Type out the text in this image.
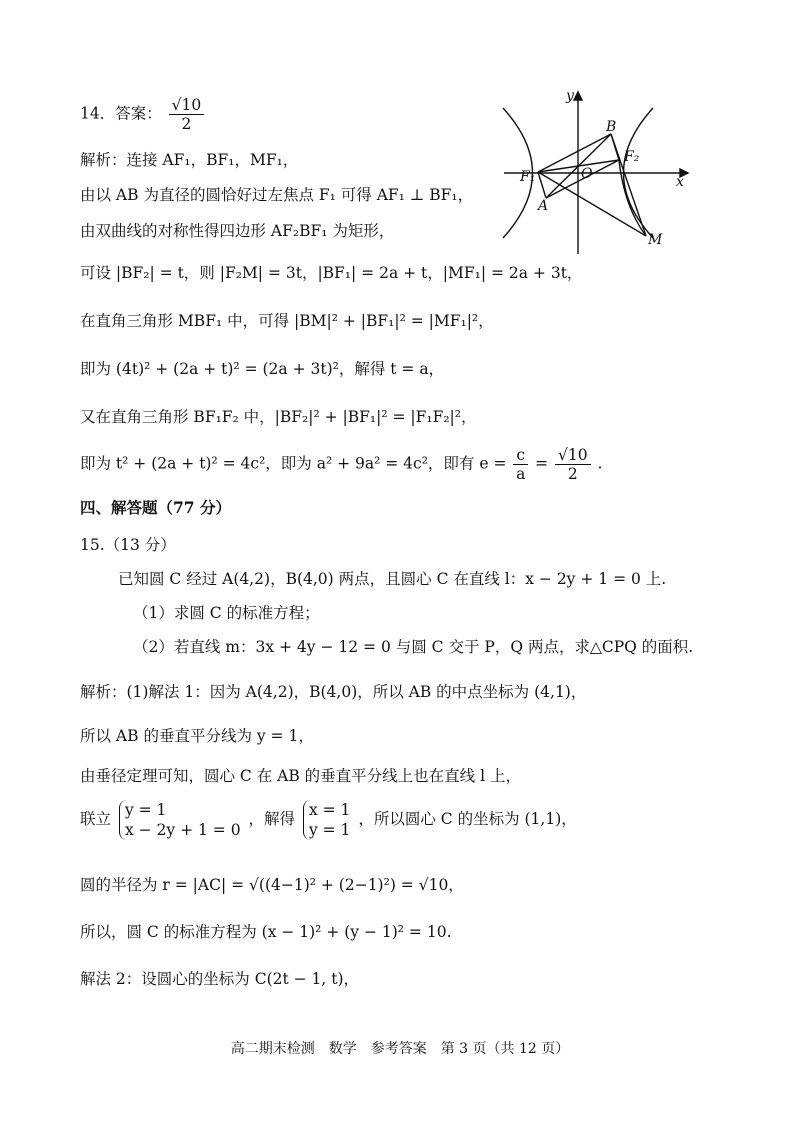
14．答案： $\frac{√10}{2}$
解析：连接 AF₁，BF₁，MF₁，
由以 AB 为直径的圆恰好过左焦点 F₁ 可得 AF₁ ⊥ BF₁，
由双曲线的对称性得四边形 AF₂BF₁ 为矩形，
可设 |BF₂| = t，则 |F₂M| = 3t，|BF₁| = 2a + t，|MF₁| = 2a + 3t，
在直角三角形 MBF₁ 中，可得 |BM|² + |BF₁|² = |MF₁|²，
即为 (4t)² + (2a + t)² = (2a + 3t)²，解得 t = a，
又在直角三角形 BF₁F₂ 中，|BF₂|² + |BF₁|² = |F₁F₂|²，
即为 t² + (2a + t)² = 4c²，即为 a² + 9a² = 4c²，即有 $e = \frac{c}{a} = \frac{√10}{2}$ .
四、解答题（77 分）
15.（13 分）
已知圆 C 经过 A(4,2)，B(4,0) 两点，且圆心 C 在直线 l：x − 2y + 1 = 0 上.
（1）求圆 C 的标准方程；
（2）若直线 m：3x + 4y − 12 = 0 与圆 C 交于 P，Q 两点，求△CPQ 的面积.
解析：(1)解法 1：因为 A(4,2)，B(4,0)，所以 AB 的中点坐标为 (4,1)，
所以 AB 的垂直平分线为 y = 1，
由垂径定理可知，圆心 C 在 AB 的垂直平分线上也在直线 l 上，
联立 y = 1
x − 2y + 1 = 0
，解得 x = 1
y = 1
，所以圆心 C 的坐标为 (1,1)，
圆的半径为 r = |AC| = √((4−1)² + (2−1)²) = √10，
所以，圆 C 的标准方程为 (x − 1)² + (y − 1)² = 10.
解法 2：设圆心的坐标为 C(2t − 1, t)，
高二期末检测　数学　参考答案　第 3 页（共 12 页）
y
x
B
F₂
F₁	O
A
M
